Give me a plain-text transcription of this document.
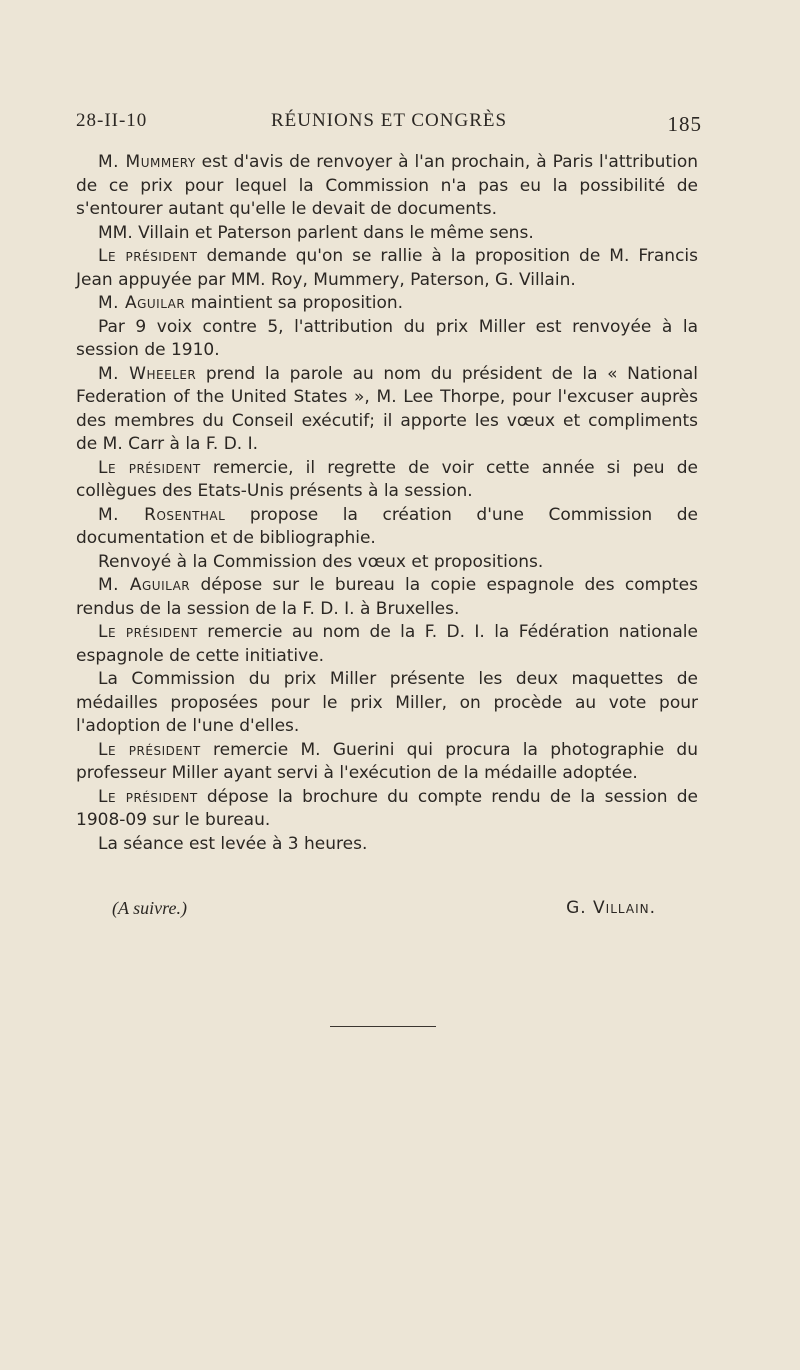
28-II-10	RÉUNIONS ET CONGRÈS	185

M. Mummery est d'avis de renvoyer à l'an prochain, à Paris l'attribution de ce prix pour lequel la Commission n'a pas eu la possibilité de s'entourer autant qu'elle le devait de documents.

MM. Villain et Paterson parlent dans le même sens.

Le président demande qu'on se rallie à la proposition de M. Francis Jean appuyée par MM. Roy, Mummery, Paterson, G. Villain.

M. Aguilar maintient sa proposition.

Par 9 voix contre 5, l'attribution du prix Miller est renvoyée à la session de 1910.

M. Wheeler prend la parole au nom du président de la « National Federation of the United States », M. Lee Thorpe, pour l'excuser auprès des membres du Conseil exécutif; il apporte les vœux et compliments de M. Carr à la F. D. I.

Le président remercie, il regrette de voir cette année si peu de collègues des Etats-Unis présents à la session.

M. Rosenthal propose la création d'une Commission de documentation et de bibliographie.

Renvoyé à la Commission des vœux et propositions.

M. Aguilar dépose sur le bureau la copie espagnole des comptes rendus de la session de la F. D. I. à Bruxelles.

Le président remercie au nom de la F. D. I. la Fédération nationale espagnole de cette initiative.

La Commission du prix Miller présente les deux maquettes de médailles proposées pour le prix Miller, on procède au vote pour l'adoption de l'une d'elles.

Le président remercie M. Guerini qui procura la photographie du professeur Miller ayant servi à l'exécution de la médaille adoptée.

Le président dépose la brochure du compte rendu de la session de 1908-09 sur le bureau.

La séance est levée à 3 heures.

(A suivre.)	G. Villain.
